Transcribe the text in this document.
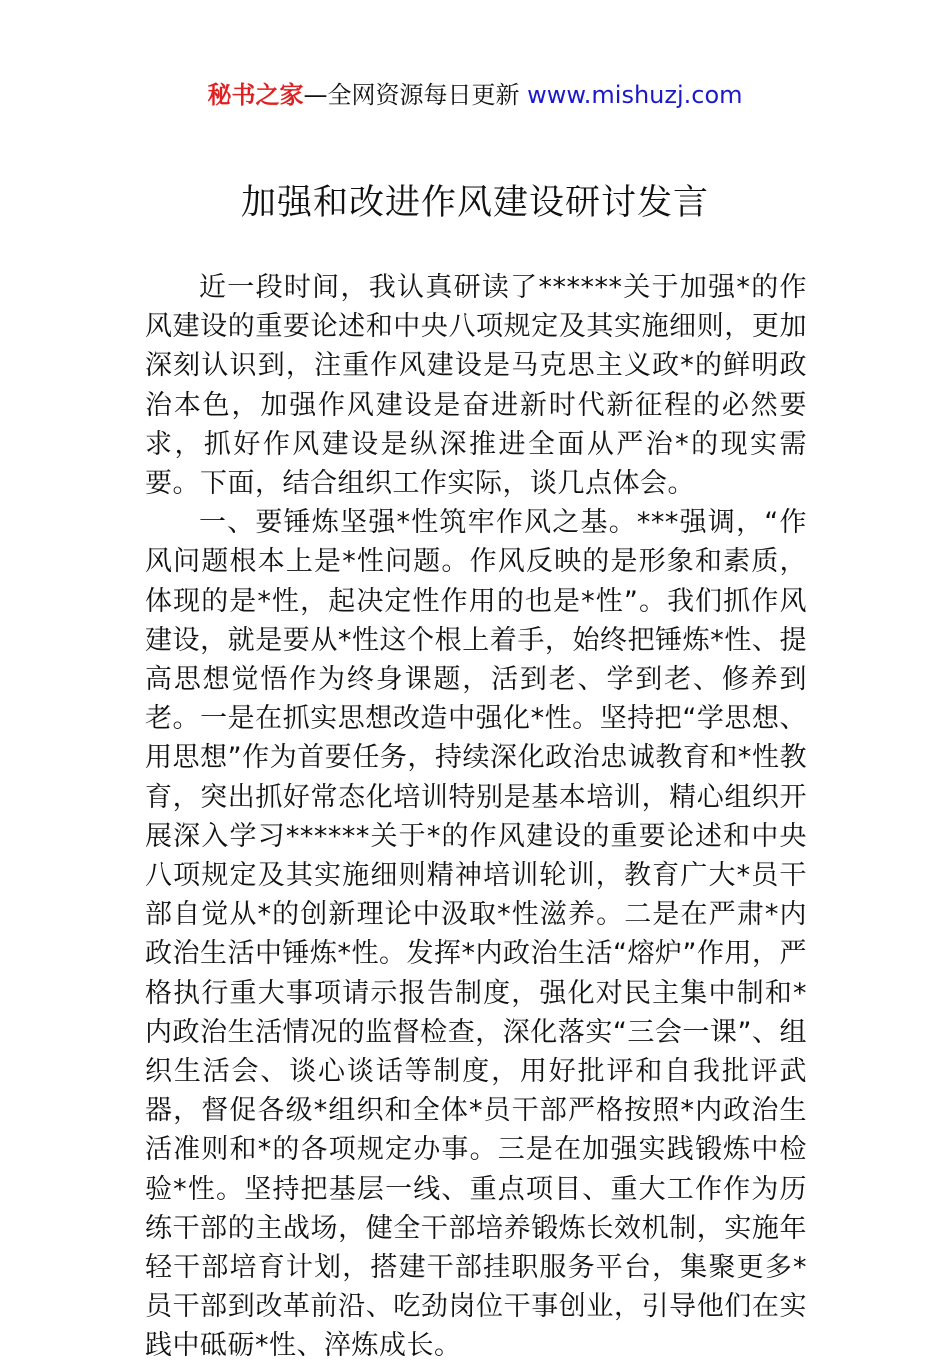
秘书之家—全网资源每日更新 www.mishuzj.com
加强和改进作风建设研讨发言

近一段时间，我认真研读了******关于加强*的作风建设的重要论述和中央八项规定及其实施细则，更加深刻认识到，注重作风建设是马克思主义政*的鲜明政治本色，加强作风建设是奋进新时代新征程的必然要求，抓好作风建设是纵深推进全面从严治*的现实需要。下面，结合组织工作实际，谈几点体会。

一、要锤炼坚强*性筑牢作风之基。***强调，“作风问题根本上是*性问题。作风反映的是形象和素质，体现的是*性，起决定性作用的也是*性”。我们抓作风建设，就是要从*性这个根上着手，始终把锤炼*性、提高思想觉悟作为终身课题，活到老、学到老、修养到老。一是在抓实思想改造中强化*性。坚持把“学思想、用思想”作为首要任务，持续深化政治忠诚教育和*性教育，突出抓好常态化培训特别是基本培训，精心组织开展深入学习******关于*的作风建设的重要论述和中央八项规定及其实施细则精神培训轮训，教育广大*员干部自觉从*的创新理论中汲取*性滋养。二是在严肃*内政治生活中锤炼*性。发挥*内政治生活“熔炉”作用，严格执行重大事项请示报告制度，强化对民主集中制和*内政治生活情况的监督检查，深化落实“三会一课”、组织生活会、谈心谈话等制度，用好批评和自我批评武器，督促各级*组织和全体*员干部严格按照*内政治生活准则和*的各项规定办事。三是在加强实践锻炼中检验*性。坚持把基层一线、重点项目、重大工作作为历练干部的主战场，健全干部培养锻炼长效机制，实施年轻干部培育计划，搭建干部挂职服务平台，集聚更多*员干部到改革前沿、吃劲岗位干事创业，引导他们在实践中砥砺*性、淬炼成长。
